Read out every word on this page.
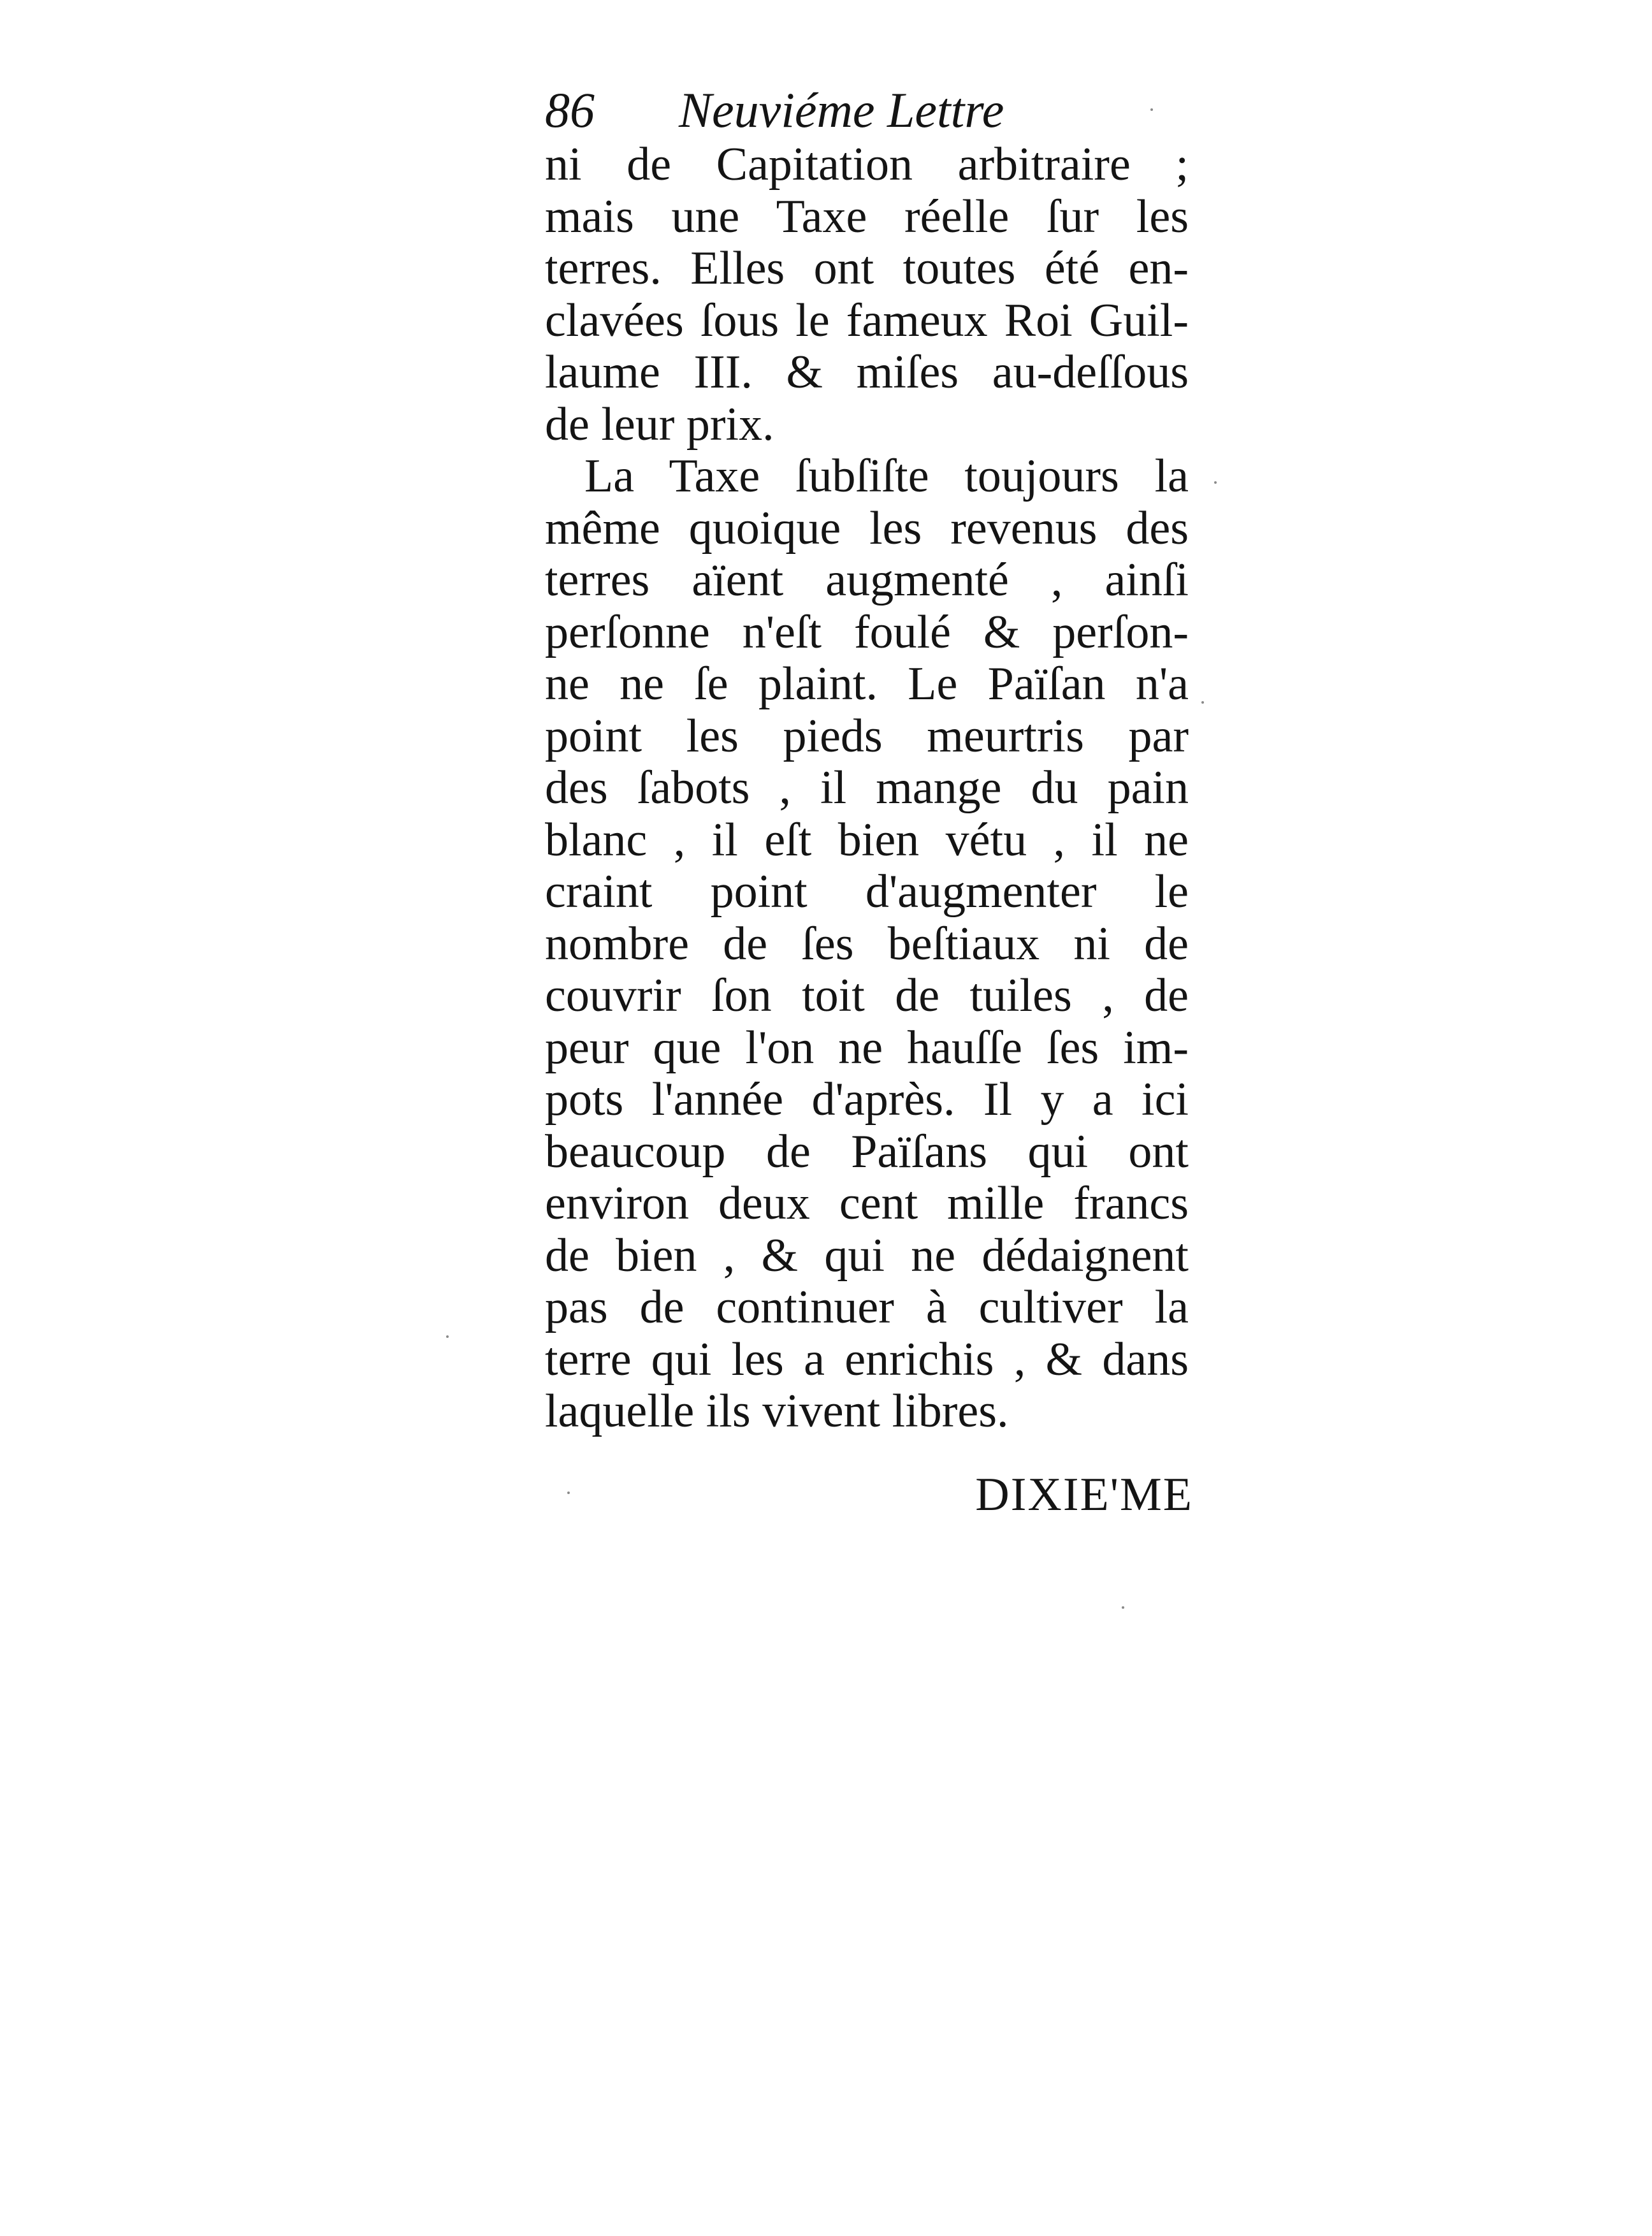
86 Neuviéme Lettre
ni de Capitation arbitraire ;
mais une Taxe réelle ſur les
terres. Elles ont toutes été en-
clavées ſous le fameux Roi Guil-
laume III. & miſes au-deſſous
de leur prix.
La Taxe ſubſiſte toujours la
même quoique les revenus des
terres aïent augmenté , ainſi
perſonne n'eſt foulé & perſon-
ne ne ſe plaint. Le Païſan n'a
point les pieds meurtris par
des ſabots , il mange du pain
blanc , il eſt bien vétu , il ne
craint point d'augmenter le
nombre de ſes beſtiaux ni de
couvrir ſon toit de tuiles , de
peur que l'on ne hauſſe ſes im-
pots l'année d'après. Il y a ici
beaucoup de Païſans qui ont
environ deux cent mille francs
de bien , & qui ne dédaignent
pas de continuer à cultiver la
terre qui les a enrichis , & dans
laquelle ils vivent libres.
DIXIE'ME
